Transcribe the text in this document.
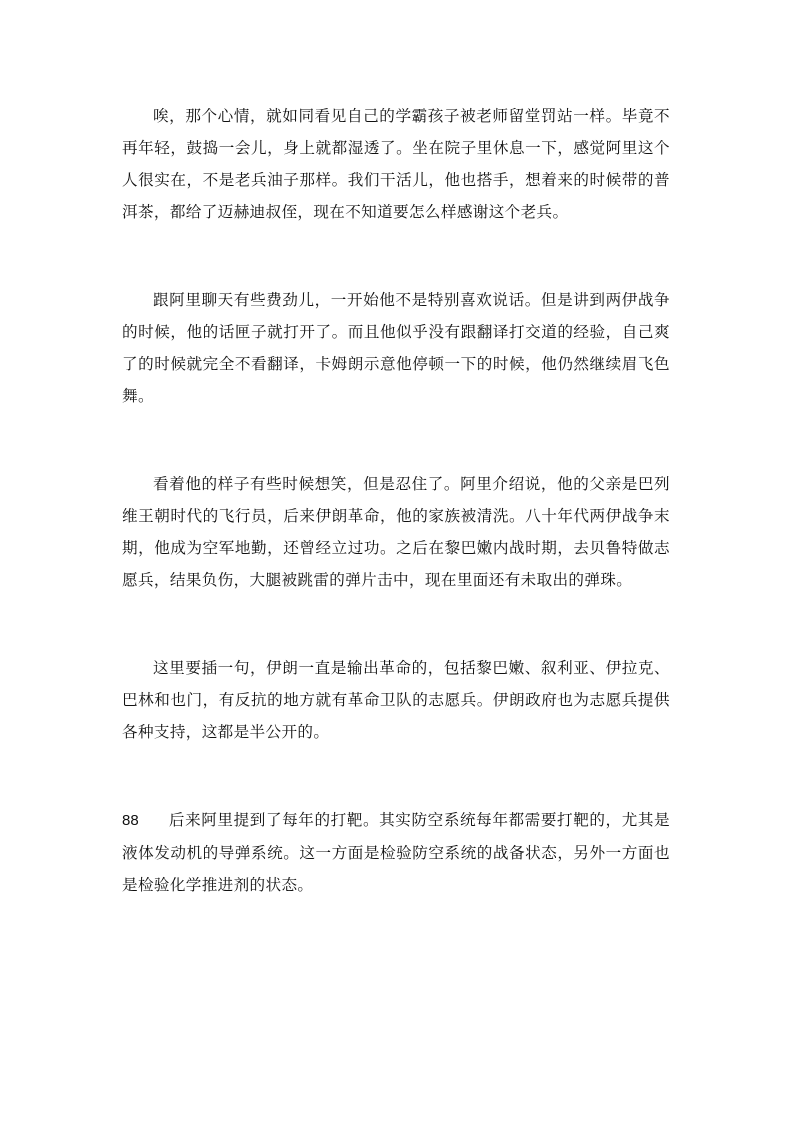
唉，那个心情，就如同看见自己的学霸孩子被老师留堂罚站一样。毕竟不再年轻，鼓捣一会儿，身上就都湿透了。坐在院子里休息一下，感觉阿里这个人很实在，不是老兵油子那样。我们干活儿，他也搭手，想着来的时候带的普洱茶，都给了迈赫迪叔侄，现在不知道要怎么样感谢这个老兵。

跟阿里聊天有些费劲儿，一开始他不是特别喜欢说话。但是讲到两伊战争的时候，他的话匣子就打开了。而且他似乎没有跟翻译打交道的经验，自己爽了的时候就完全不看翻译，卡姆朗示意他停顿一下的时候，他仍然继续眉飞色舞。

看着他的样子有些时候想笑，但是忍住了。阿里介绍说，他的父亲是巴列维王朝时代的飞行员，后来伊朗革命，他的家族被清洗。八十年代两伊战争末期，他成为空军地勤，还曾经立过功。之后在黎巴嫩内战时期，去贝鲁特做志愿兵，结果负伤，大腿被跳雷的弹片击中，现在里面还有未取出的弹珠。

这里要插一句，伊朗一直是输出革命的，包括黎巴嫩、叙利亚、伊拉克、巴林和也门，有反抗的地方就有革命卫队的志愿兵。伊朗政府也为志愿兵提供各种支持，这都是半公开的。

88 后来阿里提到了每年的打靶。其实防空系统每年都需要打靶的，尤其是液体发动机的导弹系统。这一方面是检验防空系统的战备状态，另外一方面也是检验化学推进剂的状态。
